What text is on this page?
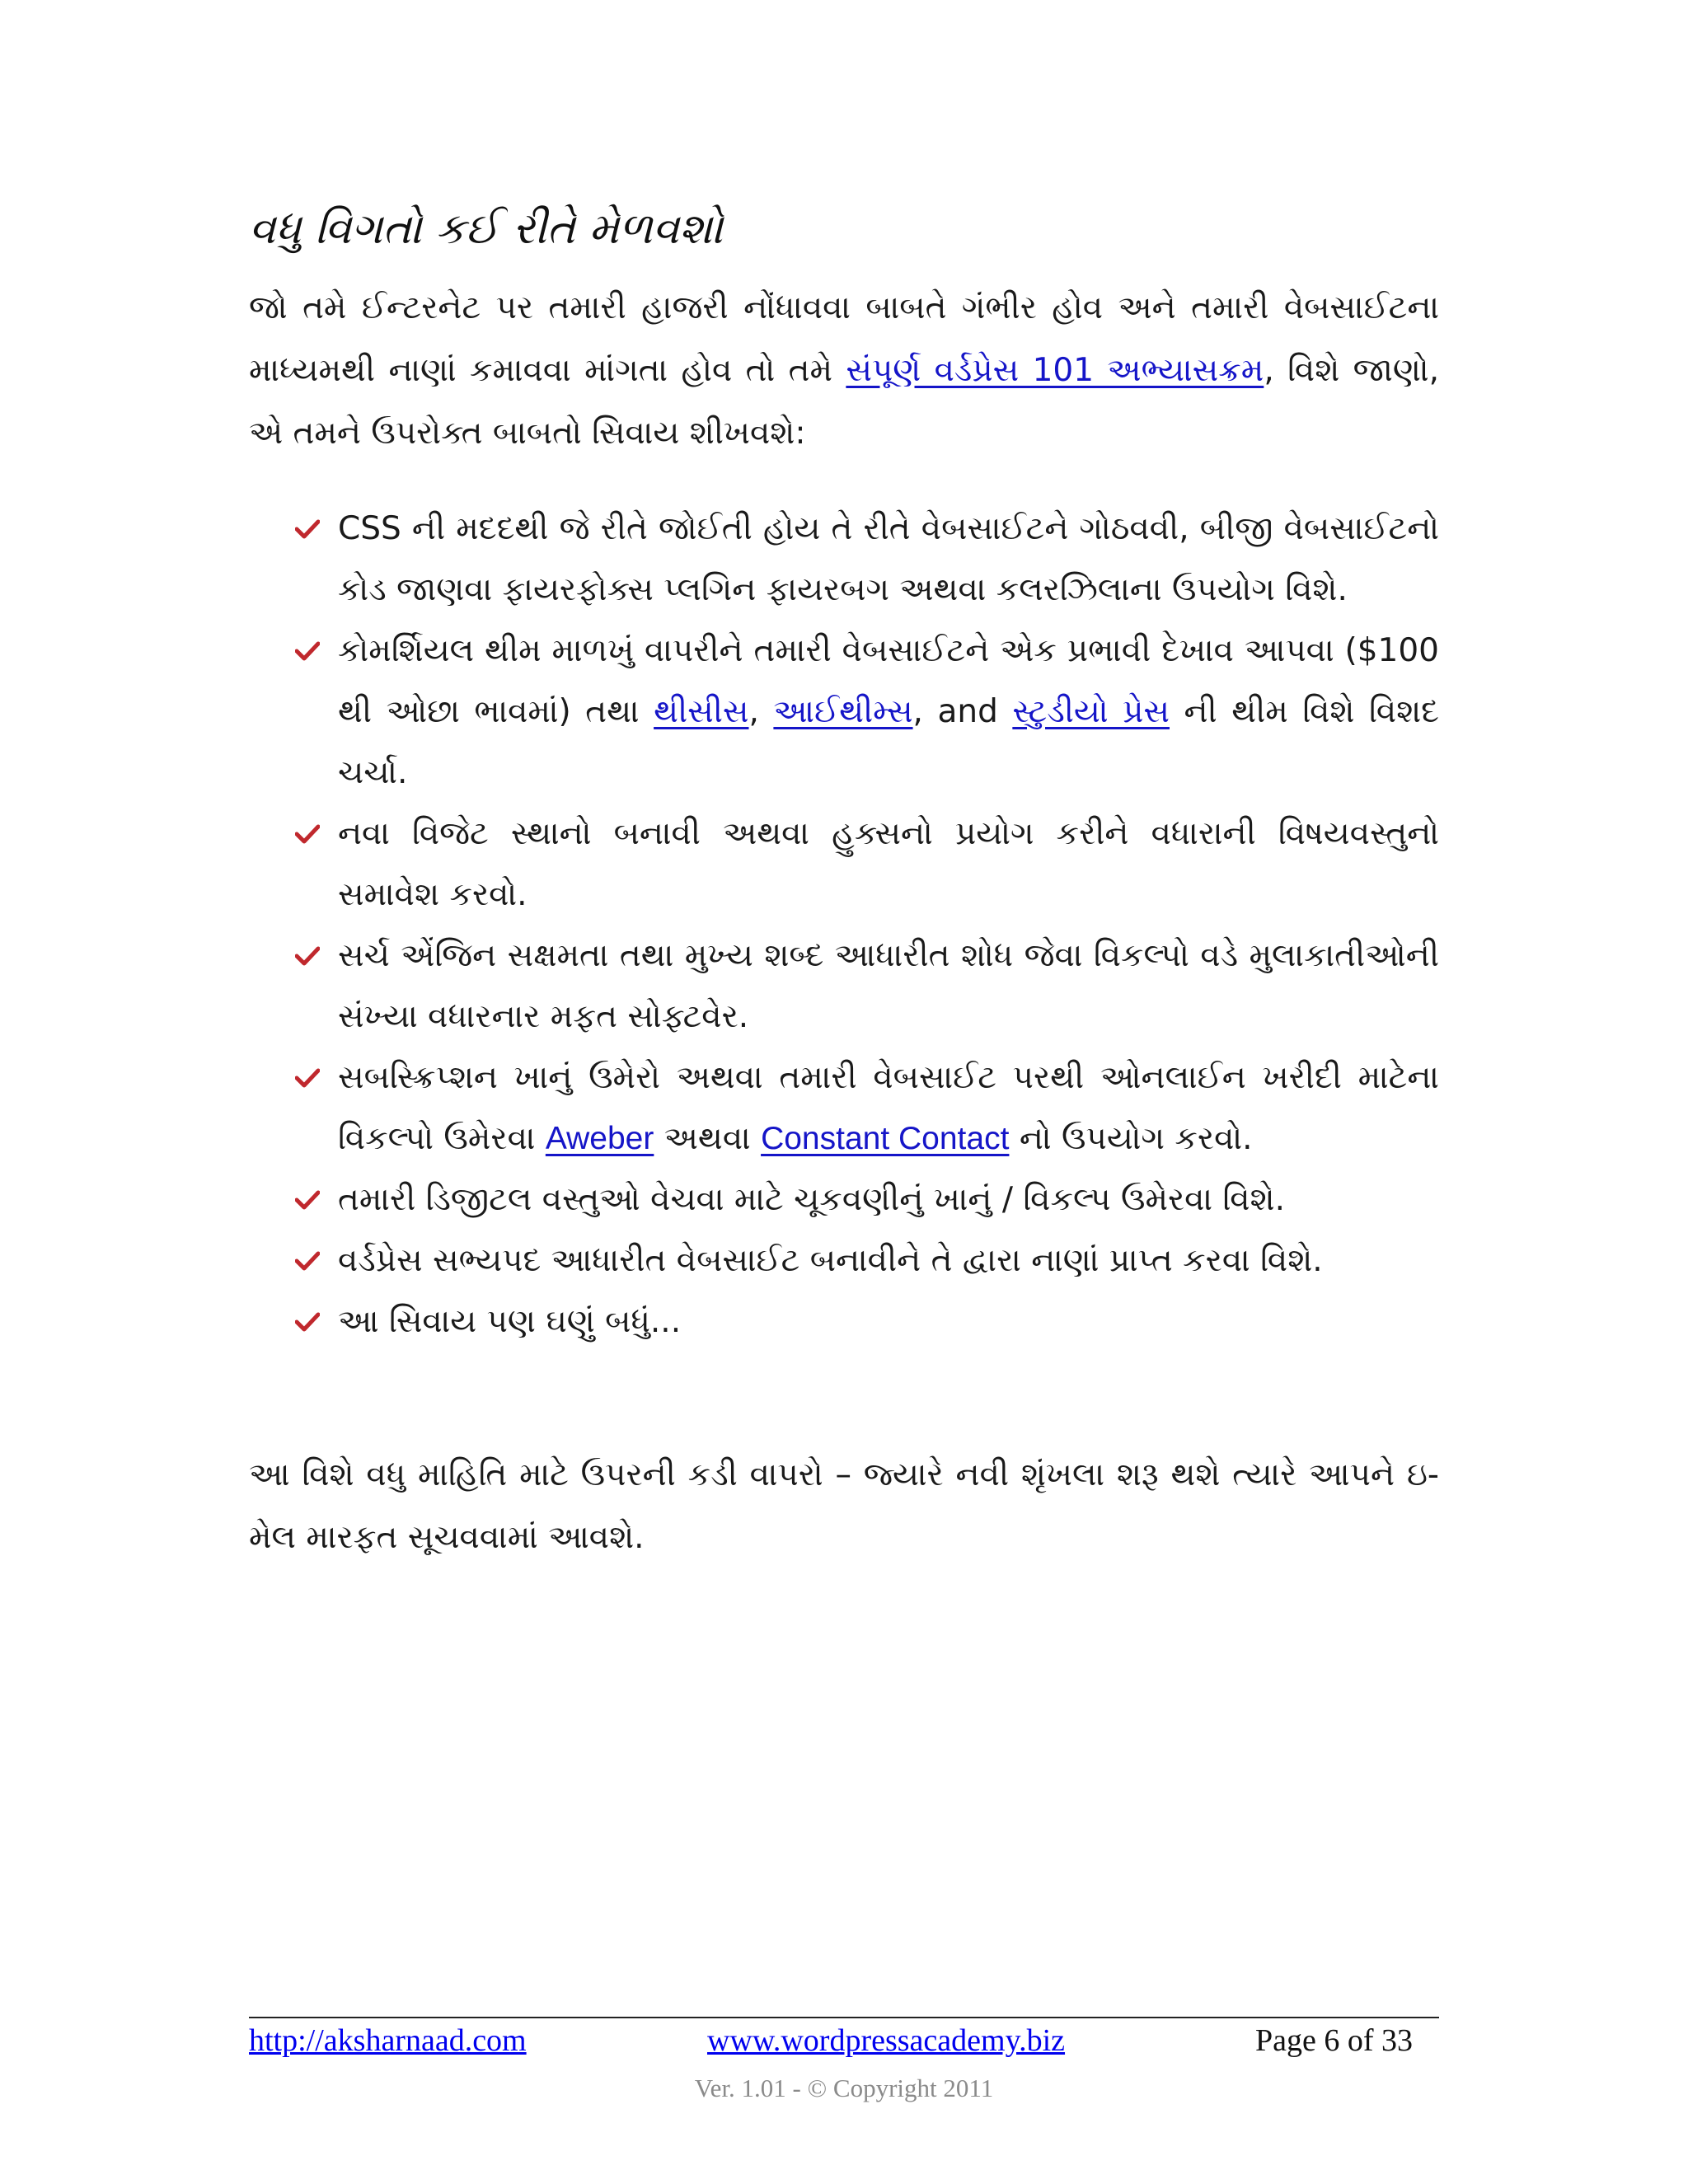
વધુ વિગતો કઈ રીતે મેળવશો

જો તમે ઈન્ટરનેટ પર તમારી હાજરી નોંધાવવા બાબતે ગંભીર હોવ અને તમારી વેબસાઈટના માધ્યમથી નાણાં કમાવવા માંગતા હોવ તો તમે સંપૂર્ણ વર્ડપ્રેસ 101 અભ્યાસક્રમ, વિશે જાણો, એ તમને ઉપરોક્ત બાબતો સિવાય શીખવશે:

CSS ની મદદથી જે રીતે જોઈતી હોય તે રીતે વેબસાઈટને ગોઠવવી, બીજી વેબસાઈટનો કોડ જાણવા ફાયરફોક્સ પ્લગિન ફાયરબગ અથવા કલરઝિલાના ઉપયોગ વિશે.
કોમર્શિયલ થીમ માળખું વાપરીને તમારી વેબસાઈટને એક પ્રભાવી દેખાવ આપવા ($100 થી ઓછા ભાવમાં) તથા થીસીસ, આઈથીમ્સ, and સ્ટુડીયો પ્રેસ ની થીમ વિશે વિશદ ચર્ચા.
નવા વિજેટ સ્થાનો બનાવી અથવા હુક્સનો પ્રયોગ કરીને વધારાની વિષયવસ્તુનો સમાવેશ કરવો.
સર્ચ એંજિન સક્ષમતા તથા મુખ્ય શબ્દ આધારીત શોધ જેવા વિકલ્પો વડે મુલાકાતીઓની સંખ્યા વધારનાર મફત સોફ્ટવેર.
સબસ્ક્રિપ્શન ખાનું ઉમેરો અથવા તમારી વેબસાઈટ પરથી ઓનલાઈન ખરીદી માટેના વિકલ્પો ઉમેરવા Aweber અથવા Constant Contact નો ઉપયોગ કરવો.
તમારી ડિજીટલ વસ્તુઓ વેચવા માટે ચૂકવણીનું ખાનું / વિકલ્પ ઉમેરવા વિશે.
વર્ડપ્રેસ સભ્યપદ આધારીત વેબસાઈટ બનાવીને તે દ્વારા નાણાં પ્રાપ્ત કરવા વિશે.
આ સિવાય પણ ઘણું બધું...

આ વિશે વધુ માહિતિ માટે ઉપરની કડી વાપરો – જ્યારે નવી શૃંખલા શરૂ થશે ત્યારે આપને ઇ-મેલ મારફત સૂચવવામાં આવશે.

http://aksharnaad.com	www.wordpressacademy.biz	Page 6 of 33
Ver. 1.01 - © Copyright 2011
